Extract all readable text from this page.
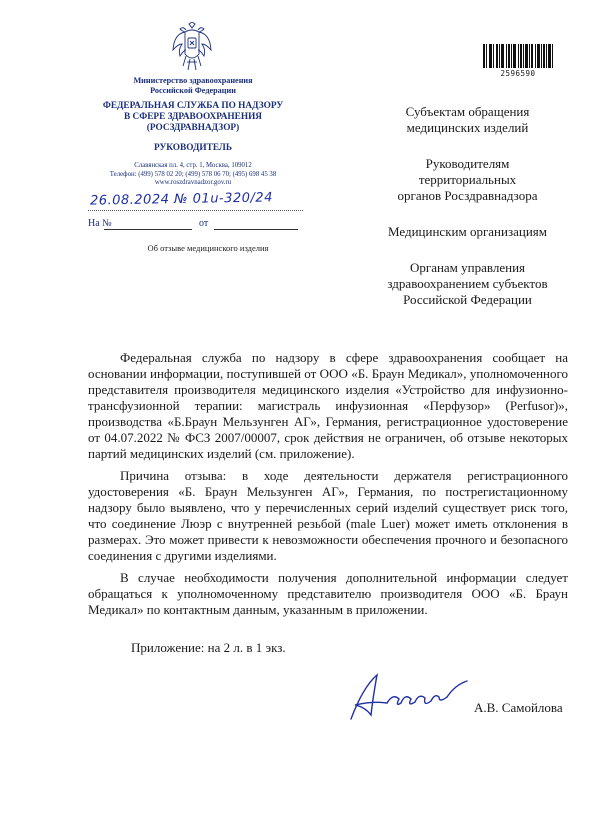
Министерство здравоохранения
Российской Федерации
ФЕДЕРАЛЬНАЯ СЛУЖБА ПО НАДЗОРУ
В СФЕРЕ ЗДРАВООХРАНЕНИЯ
(РОСЗДРАВНАДЗОР)
РУКОВОДИТЕЛЬ
Славянская пл. 4, стр. 1, Москва, 109012
Телефон: (499) 578 02 20; (499) 578 06 70; (495) 698 45 38
www.roszdravnadzor.gov.ru
26.08.2024 № 01u-320/24
На №	от
Об отзыве медицинского изделия
2596590
Субъектам обращения
медицинских изделий
Руководителям
территориальных
органов Росздравнадзора
Медицинским организациям
Органам управления
здравоохранением субъектов
Российской Федерации

Федеральная служба по надзору в сфере здравоохранения сообщает на основании информации, поступившей от ООО «Б. Браун Медикал», уполномоченного представителя производителя медицинского изделия «Устройство для инфузионно-трансфузионной терапии: магистраль инфузионная «Перфузор» (Perfusor)», производства «Б.Браун Мельзунген АГ», Германия, регистрационное удостоверение от 04.07.2022 № ФСЗ 2007/00007, срок действия не ограничен, об отзыве некоторых партий медицинских изделий (см. приложение).

Причина отзыва: в ходе деятельности держателя регистрационного удостоверения «Б. Браун Мельзунген АГ», Германия, по пострегистационному надзору было выявлено, что у перечисленных серий изделий существует риск того, что соединение Люэр с внутренней резьбой (male Luer) может иметь отклонения в размерах. Это может привести к невозможности обеспечения прочного и безопасного соединения с другими изделиями.

В случае необходимости получения дополнительной информации следует обращаться к уполномоченному представителю производителя ООО «Б. Браун Медикал» по контактным данным, указанным в приложении.

Приложение: на 2 л. в 1 экз.
А.В. Самойлова
